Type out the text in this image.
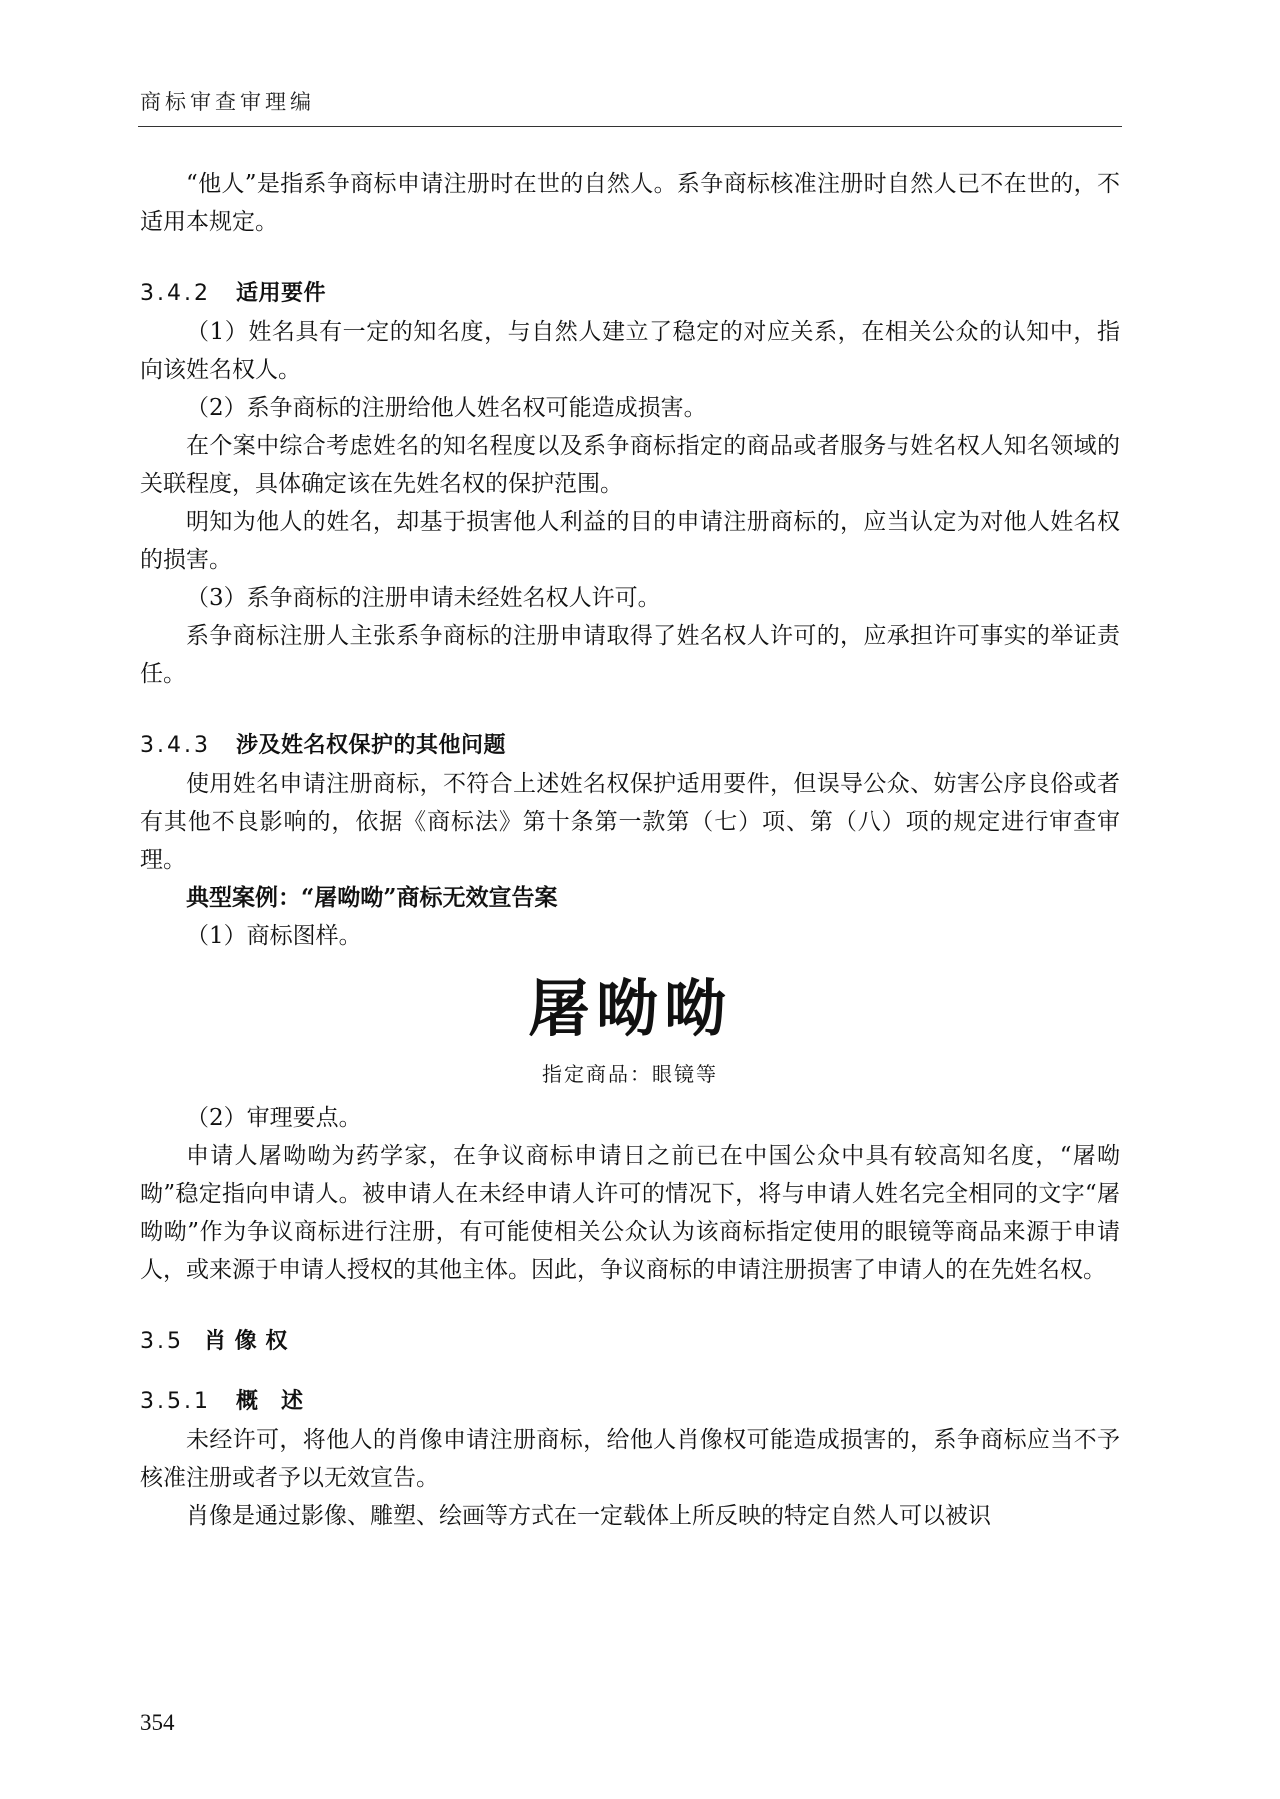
商标审查审理编

“他人”是指系争商标申请注册时在世的自然人。系争商标核准注册时自然人已不在世的，不适用本规定。

3.4.2 适用要件

（1）姓名具有一定的知名度，与自然人建立了稳定的对应关系，在相关公众的认知中，指向该姓名权人。

（2）系争商标的注册给他人姓名权可能造成损害。

在个案中综合考虑姓名的知名程度以及系争商标指定的商品或者服务与姓名权人知名领域的关联程度，具体确定该在先姓名权的保护范围。

明知为他人的姓名，却基于损害他人利益的目的申请注册商标的，应当认定为对他人姓名权的损害。

（3）系争商标的注册申请未经姓名权人许可。

系争商标注册人主张系争商标的注册申请取得了姓名权人许可的，应承担许可事实的举证责任。

3.4.3 涉及姓名权保护的其他问题

使用姓名申请注册商标，不符合上述姓名权保护适用要件，但误导公众、妨害公序良俗或者有其他不良影响的，依据《商标法》第十条第一款第（七）项、第（八）项的规定进行审查审理。

典型案例：“屠呦呦”商标无效宣告案

（1）商标图样。

屠呦呦
指定商品：眼镜等

（2）审理要点。

申请人屠呦呦为药学家，在争议商标申请日之前已在中国公众中具有较高知名度，“屠呦呦”稳定指向申请人。被申请人在未经申请人许可的情况下，将与申请人姓名完全相同的文字“屠呦呦”作为争议商标进行注册，有可能使相关公众认为该商标指定使用的眼镜等商品来源于申请人，或来源于申请人授权的其他主体。因此，争议商标的申请注册损害了申请人的在先姓名权。

3.5 肖 像 权

3.5.1 概　述

未经许可，将他人的肖像申请注册商标，给他人肖像权可能造成损害的，系争商标应当不予核准注册或者予以无效宣告。

肖像是通过影像、雕塑、绘画等方式在一定载体上所反映的特定自然人可以被识

354
